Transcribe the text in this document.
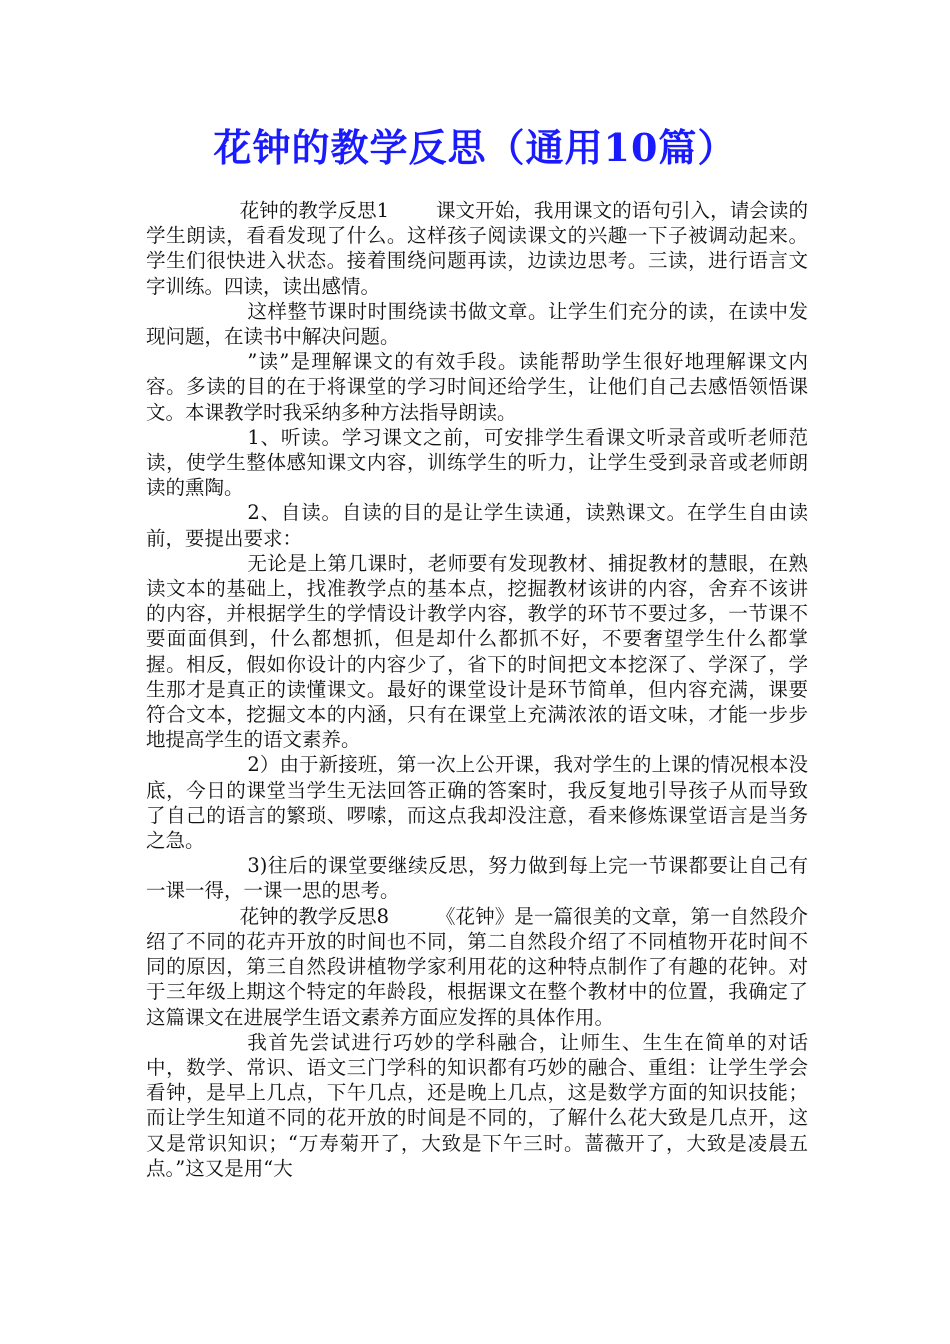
花钟的教学反思（通用10篇）

花钟的教学反思1 课文开始，我用课文的语句引入，请会读的学生朗读，看看发现了什么。这样孩子阅读课文的兴趣一下子被调动起来。学生们很快进入状态。接着围绕问题再读，边读边思考。三读，进行语言文字训练。四读，读出感情。

这样整节课时时围绕读书做文章。让学生们充分的读，在读中发现问题，在读书中解决问题。

”读”是理解课文的有效手段。读能帮助学生很好地理解课文内容。多读的目的在于将课堂的学习时间还给学生，让他们自己去感悟领悟课文。本课教学时我采纳多种方法指导朗读。

1、听读。学习课文之前，可安排学生看课文听录音或听老师范读，使学生整体感知课文内容，训练学生的听力，让学生受到录音或老师朗读的熏陶。

2、自读。自读的目的是让学生读通，读熟课文。在学生自由读前，要提出要求：

无论是上第几课时，老师要有发现教材、捕捉教材的慧眼，在熟读文本的基础上，找准教学点的基本点，挖掘教材该讲的内容，舍弃不该讲的内容，并根据学生的学情设计教学内容，教学的环节不要过多，一节课不要面面俱到，什么都想抓，但是却什么都抓不好，不要奢望学生什么都掌握。相反，假如你设计的内容少了，省下的时间把文本挖深了、学深了，学生那才是真正的读懂课文。最好的课堂设计是环节简单，但内容充满，课要符合文本，挖掘文本的内涵，只有在课堂上充满浓浓的语文味，才能一步步地提高学生的语文素养。

2）由于新接班，第一次上公开课，我对学生的上课的情况根本没底，今日的课堂当学生无法回答正确的答案时，我反复地引导孩子从而导致了自己的语言的繁琐、啰嗦，而这点我却没注意，看来修炼课堂语言是当务之急。

3)往后的课堂要继续反思，努力做到每上完一节课都要让自己有一课一得，一课一思的思考。

花钟的教学反思8 《花钟》是一篇很美的文章，第一自然段介绍了不同的花卉开放的时间也不同，第二自然段介绍了不同植物开花时间不同的原因，第三自然段讲植物学家利用花的这种特点制作了有趣的花钟。对于三年级上期这个特定的年龄段，根据课文在整个教材中的位置，我确定了这篇课文在进展学生语文素养方面应发挥的具体作用。

我首先尝试进行巧妙的学科融合，让师生、生生在简单的对话中，数学、常识、语文三门学科的知识都有巧妙的融合、重组：让学生学会看钟，是早上几点，下午几点，还是晚上几点，这是数学方面的知识技能；而让学生知道不同的花开放的时间是不同的，了解什么花大致是几点开，这又是常识知识；“万寿菊开了，大致是下午三时。蔷薇开了，大致是凌晨五点。”这又是用“大
